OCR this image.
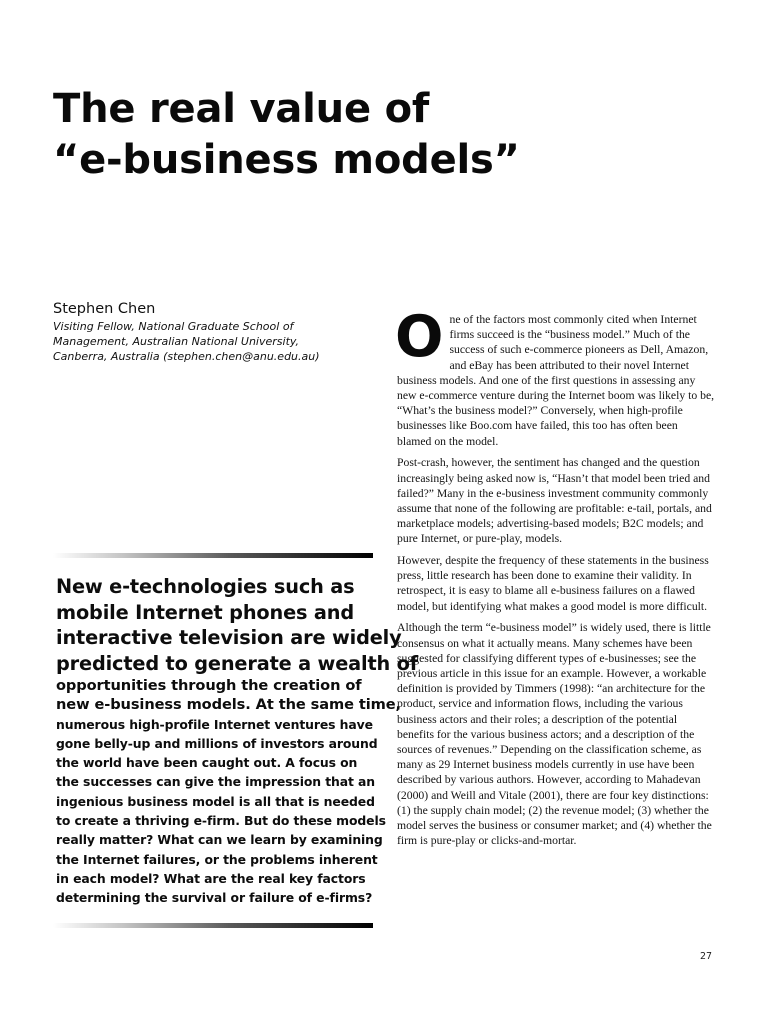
The real value of
“e-business models”
Stephen Chen
Visiting Fellow, National Graduate School of
Management, Australian National University,
Canberra, Australia (stephen.chen@anu.edu.au)
New e-technologies such as
mobile Internet phones and
interactive television are widely
predicted to generate a wealth of
opportunities through the creation of
new e-business models. At the same time,
numerous high-profile Internet ventures have
gone belly-up and millions of investors around
the world have been caught out. A focus on
the successes can give the impression that an
ingenious business model is all that is needed
to create a thriving e-firm. But do these models
really matter? What can we learn by examining
the Internet failures, or the problems inherent
in each model? What are the real key factors
determining the survival or failure of e-firms?

One of the factors most commonly cited when Internet firms succeed is the “business model.” Much of the success of such e-commerce pioneers as Dell, Amazon, and eBay has been attributed to their novel Internet business models. And one of the first questions in assessing any new e-commerce venture during the Internet boom was likely to be, “What’s the business model?” Conversely, when high-profile businesses like Boo.com have failed, this too has often been blamed on the model.

Post-crash, however, the sentiment has changed and the question increasingly being asked now is, “Hasn’t that model been tried and failed?” Many in the e-business investment community commonly assume that none of the following are profitable: e-tail, portals, and marketplace models; advertising-based models; B2C models; and pure Internet, or pure-play, models.

However, despite the frequency of these statements in the business press, little research has been done to examine their validity. In retrospect, it is easy to blame all e-business failures on a flawed model, but identifying what makes a good model is more difficult.

Although the term “e-business model” is widely used, there is little consensus on what it actually means. Many schemes have been suggested for classifying different types of e-businesses; see the previous article in this issue for an example. However, a workable definition is provided by Timmers (1998): “an architecture for the product, service and information flows, including the various business actors and their roles; a description of the potential benefits for the various business actors; and a description of the sources of revenues.” Depending on the classification scheme, as many as 29 Internet business models currently in use have been described by various authors. However, according to Mahadevan (2000) and Weill and Vitale (2001), there are four key distinctions: (1) the supply chain model; (2) the revenue model; (3) whether the model serves the business or consumer market; and (4) whether the firm is pure-play or clicks-and-mortar.

27
